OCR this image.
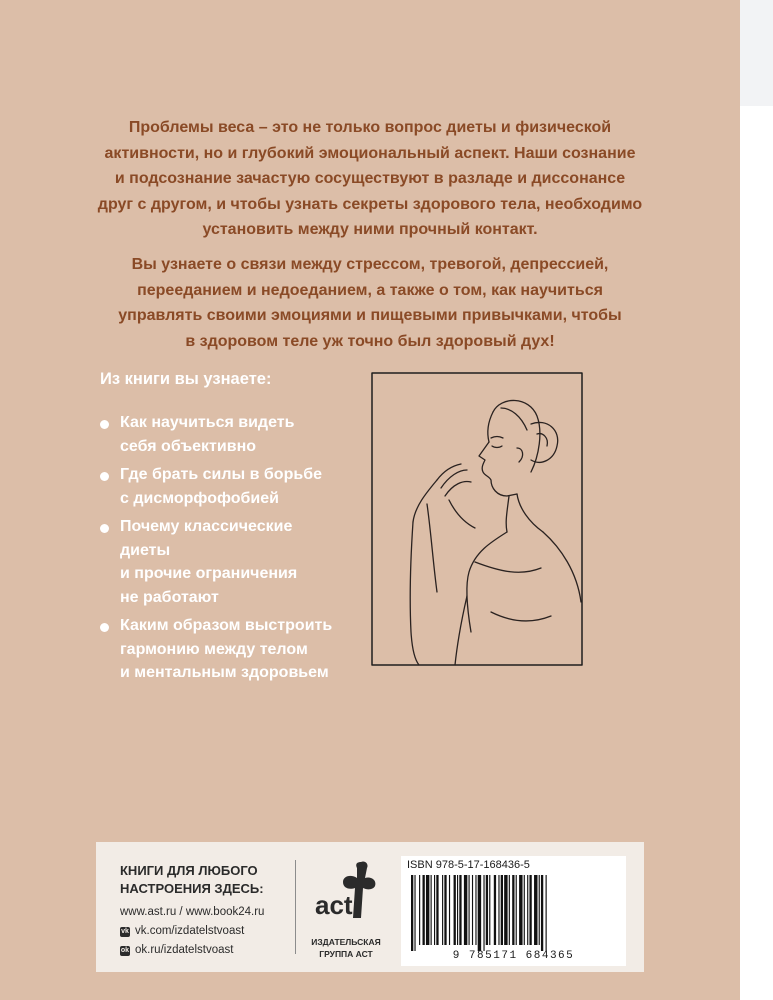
Проблемы веса – это не только вопрос диеты и физической
активности, но и глубокий эмоциональный аспект. Наши сознание
и подсознание зачастую сосуществуют в разладе и диссонансе
друг с другом, и чтобы узнать секреты здорового тела, необходимо
установить между ними прочный контакт.

Вы узнаете о связи между стрессом, тревогой, депрессией,
перееданием и недоеданием, а также о том, как научиться
управлять своими эмоциями и пищевыми привычками, чтобы
в здоровом теле уж точно был здоровый дух!

Из книги вы узнаете:

Как научиться видеть
себя объективно
Где брать силы в борьбе
с дисморфофобией
Почему классические диеты
и прочие ограничения
не работают
Каким образом выстроить
гармонию между телом
и ментальным здоровьем

КНИГИ ДЛЯ ЛЮБОГО
НАСТРОЕНИЯ ЗДЕСЬ:

www.ast.ru / www.book24.ru
vk vk.com/izdatelstvoast
ok ok.ru/izdatelstvoast
act
ИЗДАТЕЛЬСКАЯ
ГРУППА АСТ
ISBN 978-5-17-168436-5
9 785171 684365
